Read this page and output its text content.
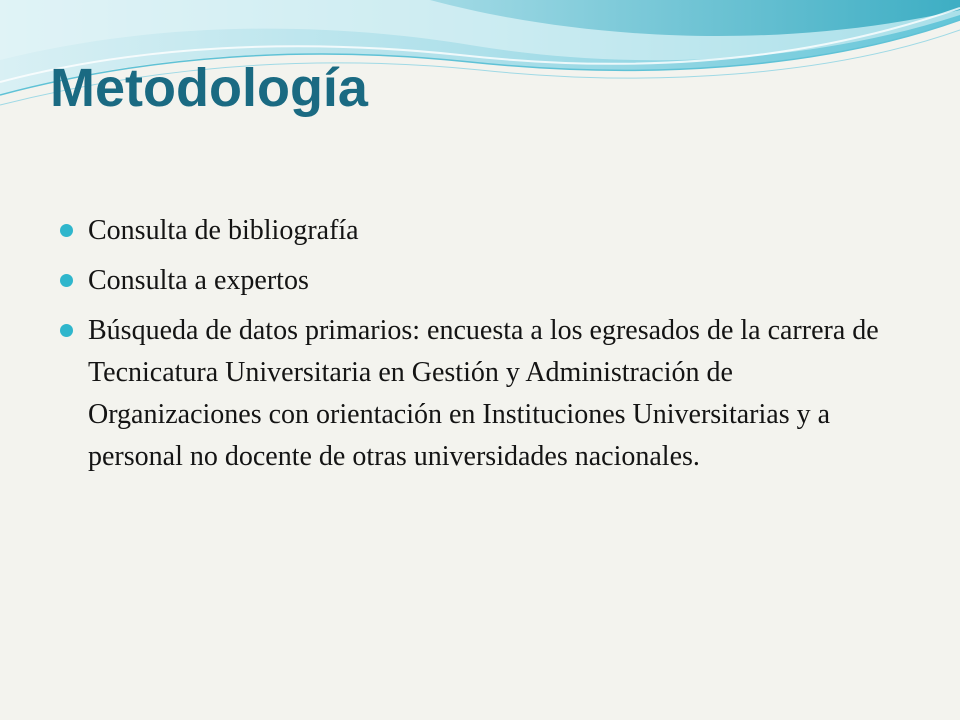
Metodología
Consulta de bibliografía
Consulta a expertos
Búsqueda de datos primarios: encuesta a los egresados de la carrera de Tecnicatura Universitaria en Gestión y Administración de Organizaciones con orientación en Instituciones Universitarias y a personal no docente de otras universidades nacionales.
